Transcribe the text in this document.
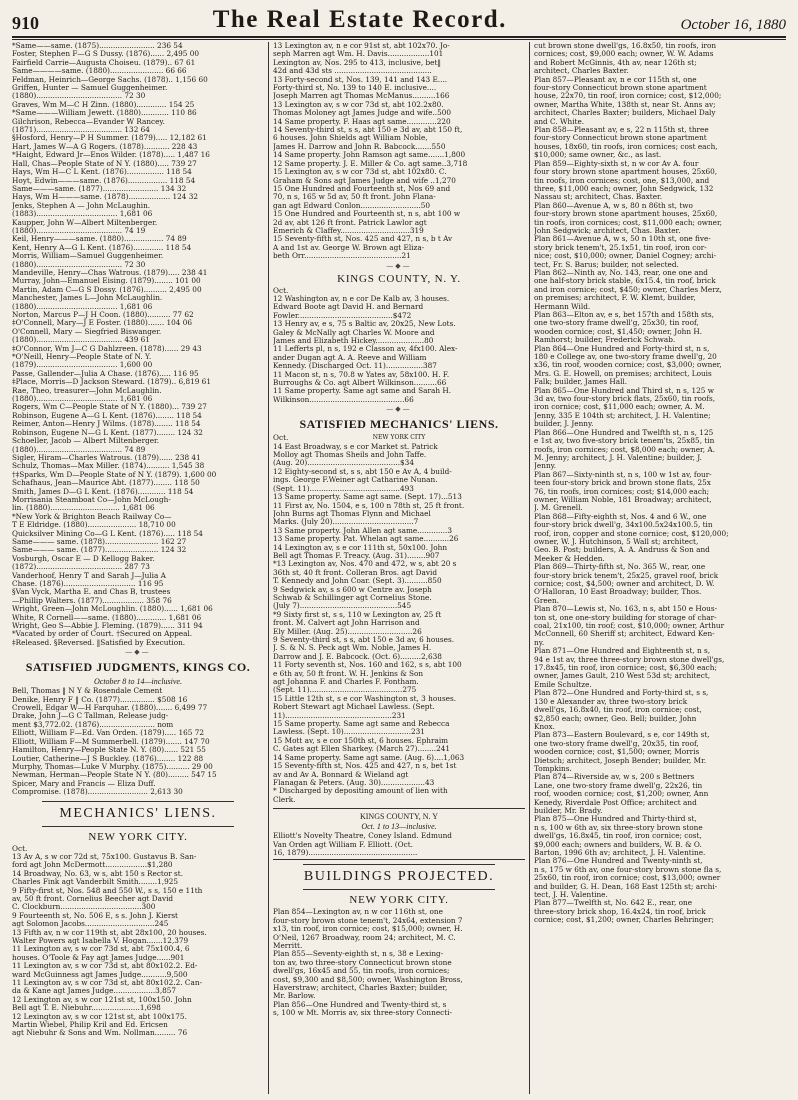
910	The Real Estate Record.	October 16, 1880
*Same——same. (1875)........................ 236 54
Foster, Stephen F—G S Dussy. (1876)...... 2,495 00
Fairfield Carrie—Augusta Choiseu. (1879).. 67 61
Same————same. (1880)....................... 66 66
Feldman, Heinrich—George Sachs. (1878).. 1,156 60
Griffen, Hunter — Samuel Guggenheimer.
(1880)..................................... 72 30
Graves, Wm M—C H Zinn. (1880)............. 154 25
*Same———William Jewett. (1880)............ 110 86
Gilchrison, Rebecca—Evander W Rancey.
(1871)..................................... 132 64
§Hosford, Henry—P H Summer. (1879)..... 12,182 61
Hart, James W—A G Rogers. (1878)........... 228 43
*Haight, Edward Jr—Enos Wilder. (1878)..... 1,487 16
Hall, Chas—People State of N Y. (1880)..... 739 27
Hays, Wm H—C L Kent. (1876)................ 118 54
Hoyt, Edwin———same. (1876)................. 118 54
Same———same. (1877)........................ 134 32
Hays, Wm H———same. (1878).................. 124 32
Jenks, Stephen A — John McLaughin.
(1883)................................... 1,681 06
Kaupper, John W—Albert Miltenberger.
(1880)..................................... 74 19
Keil, Henry———same. (1880)................. 74 89
Kent, Henry A—G L Kent. (1876)............. 118 54
Morris, William—Samuel Guggenheimer.
(1880)..................................... 72 30
Mandeville, Henry—Chas Watrous. (1879)..... 238 41
Murray, John—Emanuel Eising. (1879)........ 101 00
Martin, Adam C—G S Dossy. (1876).......... 2,495 00
Manchester, James L—John McLaughlin.
(1880)................................... 1,681 06
Norton, Marcus P—J H Coon. (1880).......... 77 62
‡O'Connell, Mary—J E Foster. (1880)....... 104 06
O'Connell, Mary — Siegfried Biswanger.
(1880)..................................... 439 61
‡O'Connor, Wm J—C G Dahlzreen. (1878)...... 29 43
*O'Neill, Henry—People State of N. Y.
(1879)................................... 1,600 00
Passe, Gallender—Julia A Chase. (1876)..... 116 95
‡Place, Morris—D Jackson Steward. (1879).. 6,819 61
Rae, Theo, treasurer—John McLaughlin.
(1880)................................... 1,681 06
Rogers, Wm C—People State of N Y. (1880)... 739 27
Robinson, Eugene A—G L Kent. (1876)........ 118 54
Reimer, Anton—Henry J Wilms. (1878)........ 118 54
Robinson, Eugene N—G L Kent. (1877)........ 124 32
Schoeller, Jacob — Albert Miltenberger.
(1880)..................................... 74 89
Sigler, Hiram—Charles Watrous. (1879)...... 238 41
Schulz, Thomas—Max Miller. (1874).......... 1,545 38
†‡Sparks, Wm D—People State of N Y. (1879). 1,600 00
Schafhaus, Jean—Maurice Abt. (1877)........ 118 50
Smith, James D—G L Kent. (1876)............ 118 54
Morrisania Steamboat Co—John McLough-
lin. (1880).............................. 1,681 06
*New York & Brighton Beach Railway Co—
T E Eldridge. (1880)..................... 18,710 00
Quicksilver Mining Co—G L Kent. (1876)..... 118 54
Same——— same. (1878)....................... 162 27
Same——— same. (1877)....................... 124 32
Vosburgh, Oscar E — D Kellogg Baker.
(1872)..................................... 287 73
Vanderhoof, Henry T and Sarah J—Julia A
Chase. (1876)............................... 116 95
§Van Vyck, Martha E. and Chas B, trustees
—Phillip Walters. (1877).................. 358 76
Wright, Green—John McLoughlin. (1880)...... 1,681 06
White, R Cornell——same. (1880)............. 1,681 06
Wright, Geo S—Abbie J. Fleming. (1879)...... 311 94
*Vacated by order of Court. †Secured on Appeal.
‡Released. §Reversed. ‖Satisfied by Execution.
—◆—
SATISFIED JUDGMENTS, KINGS CO.
October 8 to 14—inclusive.
Bell, Thomas ‖ N Y & Rosendale Cement
Denike, Henry F ‖ Co. (1877)............... $508 16
Crowell, Edgar W—H Farquhar. (1880)....... 6,499 77
Drake, John J—G C Tallman, Release judg-
ment $3,772.02. (1876)........................ nom
Elliott, William F—Ed. Van Orden. (1879)..... 165 72
Elliott, William F—M Summerbell. (1879)....... 147 70
Hamilton, Henry—People State N. Y. (80)...... 521 55
Loutier, Catherine—J S Buckley. (1876)........ 122 88
Murphy, Thomas—Luke V Murphy. (1875).......... 29 00
Newman, Herman—People State N Y. (80)......... 547 15
Spicer, Mary and Francis — Eliza Duff.
Compromise. (1878).......................... 2,613 30
MECHANICS' LIENS.
NEW YORK CITY.
Oct.
13 Av A, s w cor 72d st, 75x100. Gustavus B. San-
ford agt John McDermott..................$1,280
14 Broadway, No. 63, w s, abt 150 s Rector st.
Charles Fink agt Vanderbilt Smith........1,925
9 Fifty-first st, Nos. 548 and 550 W., s s, 150 e 11th
av, 50 ft front. Cornelius Beecher agt David
C. Clockburn...................................300
9 Fourteenth st, No. 506 E, s s. John J. Kierst
agt Solomon Jacobs..............................245
13 Fifth av, n w cor 119th st, abt 28x100, 20 houses.
Walter Powers agt Isabella V. Hogan.......12,379
11 Lexington av, s w cor 73d st, abt 75x100.4, 6
houses. O'Toole & Fay agt James Judge......901
11 Lexington av, s w cor 73d st, abt 80x102.2. Ed-
ward McGuinness agt James Judge...........9,500
11 Lexington av, s w cor 73d st, abt 80x102.2. Can-
da & Kane agt James Judge..................3,857
12 Lexington av, s w cor 121st st, 100x150. John
Bell agt T. E. Niebuhr.....................1,698
12 Lexington av, s w cor 121st st, abt 100x175.
Martin Wiebel, Philip Kril and Ed. Ericsen
agt Niebuhr & Sons and Wm. Nollman......... 76
13 Lexington av, n e cor 91st st, abt 102x70. Jo-
seph Marren agt Wm. H. Davis..................101
Lexington av, Nos. 295 to 413, inclusive, bet‖
42d and 43d sts ..........................................
13 Forty-second st, Nos. 139, 141 and 143 E....
Forty-third st, No. 139 to 140 E. inclusive....
Joseph Marren agt Thomas McManus..........166
13 Lexington av, s w cor 73d st, abt 102.2x80.
Thomas Moloney agt James Judge and wife..500
14 Same property. F. Haas agt same.............220
14 Seventy-third st, s s, abt 150 e 3d av, abt 150 ft,
6 houses. John Shields agt William Noble,
James H. Darrow and John R. Babcock.......550
14 Same property. John Ramson agt same.......1,800
12 Same property. J. E. Miller & Co. agt same..3,718
15 Lexington av, s w cor 73d st, abt 102x80. C.
Graham & Sons agt James Judge and wife ..1,270
15 One Hundred and Fourteenth st, Nos 69 and
70, n s, 165 w 5d av, 50 ft front. John Flana-
gan agt Edward Conlon..........................50
15 One Hundred and Fourteenth st, n s, abt 100 w
2d av, abt 126 ft front. Patrick Lawlor agt
Emerich & Claffey..............................319
15 Seventy-fifth st, Nos. 425 and 427, n s, b t Av
A and 1st av. George W. Brown agt Eliza-
beth Orr..........................................21
—◆—
KINGS COUNTY, N. Y.
Oct.
12 Washington av, n e cor De Kalb av, 3 houses.
Edward Boote agt David H. and Bernard
Fowler.........................................$472
13 Henry av, e s, 75 s Baltic av, 20x25, New Lots.
Galey & McNally agt Charles W. Moore and
James and Elizabeth Hickey.....................80
11 Lefferts pl, n s, 192 e Classon av, 4fx100. Alex-
ander Dugan agt A. A. Reeve and William
Kennedy. (Discharged Oct. 11)................387
11 Macon st, n s, 70.8 w Yates av, 58x100. H. F.
Burroughs & Co. agt Albert Wilkinson..........66
11 Same property. Same agt same and Sarah H.
Wilkinson.........................................66
—◆—
SATISFIED MECHANICS' LIENS.
Oct.	NEW YORK CITY
14 East Broadway, s e cor Market st. Patrick
Molloy agt Thomas Sheils and John Taffe.
(Aug. 20)........................................$34
12 Eighty-second st, s s, abt 150 e Av A, 4 build-
ings. George F.Weiner agt Catharine Nunan.
(Sept. 11).......................................493
13 Same property. Same agt same. (Sept. 17)...513
11 First av, No. 1504, e s, 100 n 78th st, 25 ft front.
John Burns agt Thomas Flynn and Michael
Marks. (July 20)...................................7
13 Same property. John Allen agt same.............3
13 Same property. Pat. Whelan agt same...........26
14 Lexington av, s e cor 111th st, 50x100. John
Bell agt Thomas F. Treacy. (Aug. 31)........907
*13 Lexington av, Nos. 470 and 472, w s, abt 20 s
36th st, 40 ft front. Colleran Bros. agt David
T. Kennedy and John Coar. (Sept. 3)..........850
9 Sedgwick av, s s 600 w Centre av. Joseph
Schwab & Schillinger agt Cornelius Stone.
(July 7)..........................................545
*9 Sixty first st, s s, 110 w Lexington av, 25 ft
front. M. Calvert agt John Harrison and
Ely Miller. (Aug. 25)............................26
9 Seventy-third st, s s, abt 150 e 3d av, 6 houses.
J. S. & N. S. Peck agt Wm. Noble, James H.
Darrow and J. E. Babcock. (Oct. 6).........2,638
11 Forty seventh st, Nos. 160 and 162, s s, abt 100
e 6th av, 50 ft front. W. H. Jenkins & Son
agt Johanna F. and Charles F. Fontham.
(Sept. 11)........................................275
15 Little 12th st, s e cor Washington st, 3 houses.
Robert Stewart agt Michael Lawless. (Sept.
11)..............................................231
15 Same property. Same agt same and Rebecca
Lawless. (Sept. 10).............................231
15 Mott av, s e cor 150th st, 6 houses. Ephraim
C. Gates agt Ellen Sharkey. (March 27)........241
14 Same property. Same agt same. (Aug. 6)....1,063
15 Seventy-fifth st, Nos. 425 and 427, n s, bet 1st
av and Av A. Bonnard & Wieland agt
Flanagan & Peters. (Aug. 30)...................43
* Discharged by depositing amount of lien with
Clerk.
KINGS COUNTY, N. Y
Oct. 1 to 13—inclusive.
Elliott's Novelty Theatre, Coney Island. Edmund
Van Orden agt William F. Elliott. (Oct.
16, 1879)...............................................
BUILDINGS PROJECTED.
NEW YORK CITY.
Plan 854—Lexington av, n w cor 116th st, one
four-story brown stone tenem't, 24x64, extension 7
x13, tin roof, iron cornice; cost, $15,000; owner, H.
O'Neil, 1267 Broadway, room 24; architect, M. C.
Merritt.
Plan 855—Seventy-eighth st, n s, 38 e Lexing-
ton av, two three-story Connecticut brown stone
dwell'gs, 16x45 and 55, tin roofs, iron cornices;
cost, $9,300 and $8,500; owner, Washington Bross,
Haverstraw; architect, Charles Baxter; builder,
Mr. Barlow.
Plan 856—One Hundred and Twenty-third st, s
s, 100 w Mt. Morris av, six three-story Connecti-
cut brown stone dwell'gs, 16.8x50, tin roofs, iron
cornices; cost, $9,000 each; owner, W. W. Adams
and Robert McGinnis, 4th av, near 126th st;
architect, Charles Baxter.
Plan 857—Pleasant av, n e cor 115th st, one
four-story Connecticut brown stone apartment
house, 22x70, tin roof, iron cornice; cost, $12,000;
owner, Martha White, 138th st, near St. Anns av;
architect, Charles Baxter; builders, Michael Daly
and C. White.
Plan 858—Pleasant av, e s, 22 n 115th st, three
four-story Connecticut brown stone apartment
houses, 18x60, tin roofs, iron cornices; cost each,
$10,000; same owner, &c., as last.
Plan 859—Eighty-sixth st, n w cor Av A. four
four story brown stone apartment houses, 25x60,
tin roofs, iron cornices; cost, one, $13,000, and
three, $11,000 each; owner, John Sedgwick, 132
Nassau st; architect, Chas. Baxter.
Plan 860—Avenue A, w s, 80 n 86th st, two
four-story brown stone apartment houses, 25x60,
tin roofs, iron cornices; cost, $11,000 each; owner,
John Sedgwick; architect, Chas. Baxter.
Plan 861—Avenue A, w s, 50 n 10th st, one five-
story brick tenem't, 25.1x51, tin roof, iron cor-
nice; cost, $10,000; owner, Daniel Cogney; archi-
tect, Fr. S. Barus; builder, not selected.
Plan 862—Ninth av, No. 143, rear, one one and
one half-story brick stable, 6x15.4, tin roof, brick
and iron cornice; cost, $450; owner, Charles Merz,
on premises; architect, F. W. Klemt, builder,
Hermann Wild.
Plan 863—Elton av, e s, bet 157th and 158th sts,
one two-story frame dwell'g, 25x30, tin roof,
wooden cornice; cost, $1,450; owner, John H.
Ramhorst; builder, Frederick Schwab.
Plan 864—One Hundred and Forty-third st, n s,
180 e College av, one two-story frame dwell'g, 20
x36, tin roof, wooden cornice; cost, $3,000; owner,
Mrs. G. E. Howell, on premises; architect, Louis
Falk; builder, James Hall.
Plan 865—One Hundred and Third st, n s, 125 w
3d av, two four-story brick flats, 25x60, tin roofs,
iron cornice; cost, $11,000 each; owner, A. M.
Jenny, 335 E 104th st; architect, J. H. Valentine;
builder, J. Jenny.
Plan 866—One Hundred and Twelfth st, n s, 125
e 1st av, two five-story brick tenem'ts, 25x85, tin
roofs, iron cornices; cost, $8,000 each; owner, A.
M. Jenny; architect, J. H. Valentine; builder, J.
Jenny.
Plan 867—Sixty-ninth st, n s, 100 w 1st av, four-
teen four-story brick and brown stone flats, 25x
76, tin roofs, iron cornices; cost; $14,000 each;
owner, William Noble, 181 Broadway; architect,
J. M. Grenell.
Plan 868—Fifty-eighth st, Nos. 4 and 6 W., one
four-story brick dwell'g, 34x100.5x24x100.5, tin
roof, iron, copper and stone cornice; cost, $120,000;
owner, W. J. Hutchinson, 5 Wall st; architect,
Geo. B. Post; builders, A. A. Andruss & Son and
Meeker & Hedden.
Plan 869—Thirty-fifth st, No. 365 W., rear, one
four-story brick tenem't, 25x25, gravel roof, brick
cornice; cost, $4,500; owner and architect, D. W.
O'Halloran, 10 East Broadway; builder, Thos.
Green.
Plan 870—Lewis st, No. 163, n s, abt 150 e Hous-
ton st, one one-story building for storage of char-
coal, 21x100, tin roof; cost, $10,000; owner, Arthur
McConnell, 60 Sheriff st; architect, Edward Ken-
ny.
Plan 871—One Hundred and Eighteenth st, n s,
94 e 1st av, three three-story brown stone dwell'gs,
17.8x45, tin roof, iron cornice; cost, $6,300 each;
owner, James Gault, 210 West 53d st; architect,
Emile Schultze.
Plan 872—One Hundred and Forty-third st, s s,
130 e Alexander av, three two-story brick
dwell'gs, 16.8x40, tin roof, iron cornice; cost,
$2,850 each; owner, Geo. Bell; builder, John
Knox.
Plan 873—Eastern Boulevard, s e, cor 149th st,
one two-story frame dwell'g, 20x35, tin roof,
wooden cornice; cost, $1,500; owner, Morris
Dietsch; architect, Joseph Bender; builder, Mr.
Tompkins.
Plan 874—Riverside av, w s, 200 s Bettners
Lane, one two-story frame dwell'g, 22x26, tin
roof, wooden cornice; cost, $1,200; owner, Ann
Kenedy, Riverdale Post Office; architect and
builder, Mr. Brady.
Plan 875—One Hundred and Thirty-third st,
n s, 100 w 6th av, six three-story brown stone
dwell'gs, 16.8x45, tin roof, iron cornice; cost,
$9,000 each; owners and builders, W. B. & O.
Barton, 1996 6th av; architect, J. H. Valentine.
Plan 876—One Hundred and Twenty-ninth st,
n s, 175 w 6th av, one four-story brown stone fla s,
25x60, tin roof, iron cornice; cost, $13,000; owner
and builder, G. H. Dean, 168 East 125th st; archi-
tect, J. H. Valentine.
Plan 877—Twelfth st, No. 642 E., rear, one
three-story brick shop, 16.4x24, tin roof, brick
cornice; cost, $1,200; owner, Charles Behringer;
